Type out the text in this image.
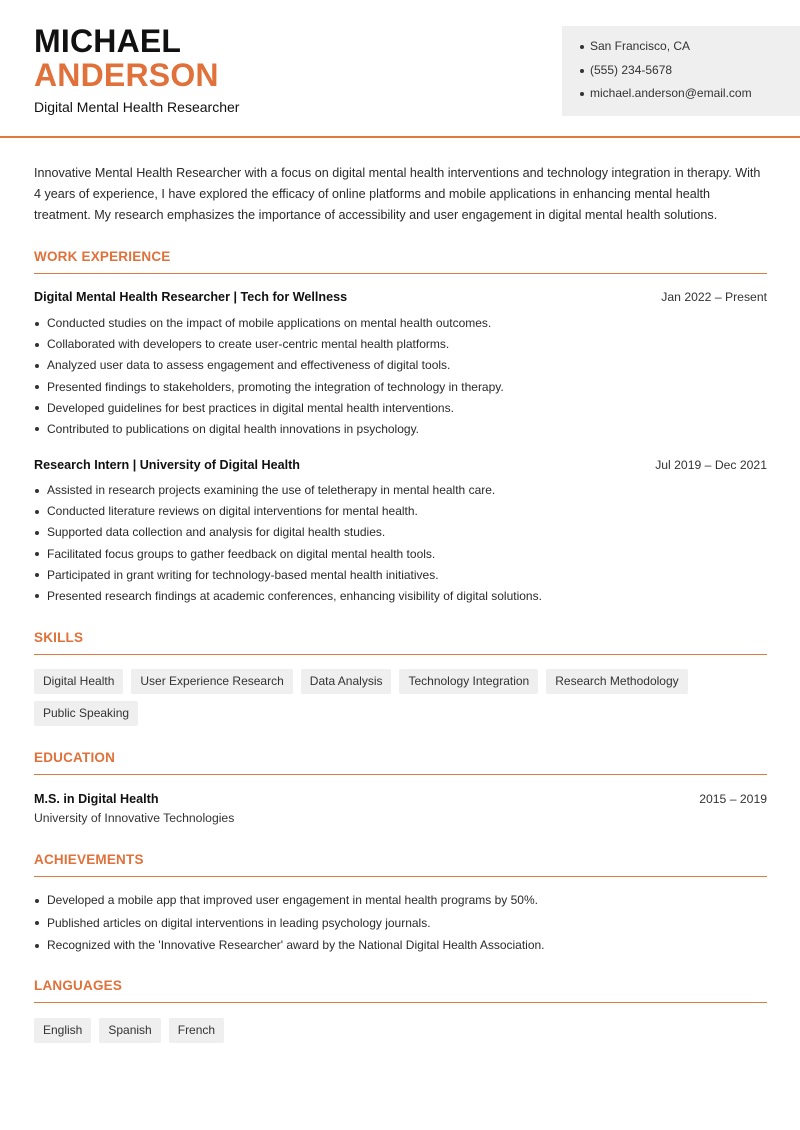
MICHAEL
ANDERSON
Digital Mental Health Researcher
San Francisco, CA
(555) 234-5678
michael.anderson@email.com

Innovative Mental Health Researcher with a focus on digital mental health interventions and technology integration in therapy. With 4 years of experience, I have explored the efficacy of online platforms and mobile applications in enhancing mental health treatment. My research emphasizes the importance of accessibility and user engagement in digital mental health solutions.

WORK EXPERIENCE
Digital Mental Health Researcher | Tech for Wellness	Jan 2022 – Present
Conducted studies on the impact of mobile applications on mental health outcomes.
Collaborated with developers to create user-centric mental health platforms.
Analyzed user data to assess engagement and effectiveness of digital tools.
Presented findings to stakeholders, promoting the integration of technology in therapy.
Developed guidelines for best practices in digital mental health interventions.
Contributed to publications on digital health innovations in psychology.
Research Intern | University of Digital Health	Jul 2019 – Dec 2021
Assisted in research projects examining the use of teletherapy in mental health care.
Conducted literature reviews on digital interventions for mental health.
Supported data collection and analysis for digital health studies.
Facilitated focus groups to gather feedback on digital mental health tools.
Participated in grant writing for technology-based mental health initiatives.
Presented research findings at academic conferences, enhancing visibility of digital solutions.
SKILLS
Digital Health	User Experience Research	Data Analysis	Technology Integration	Research Methodology
Public Speaking
EDUCATION
M.S. in Digital Health	2015 – 2019
University of Innovative Technologies
ACHIEVEMENTS
Developed a mobile app that improved user engagement in mental health programs by 50%.
Published articles on digital interventions in leading psychology journals.
Recognized with the 'Innovative Researcher' award by the National Digital Health Association.
LANGUAGES
English	Spanish	French
